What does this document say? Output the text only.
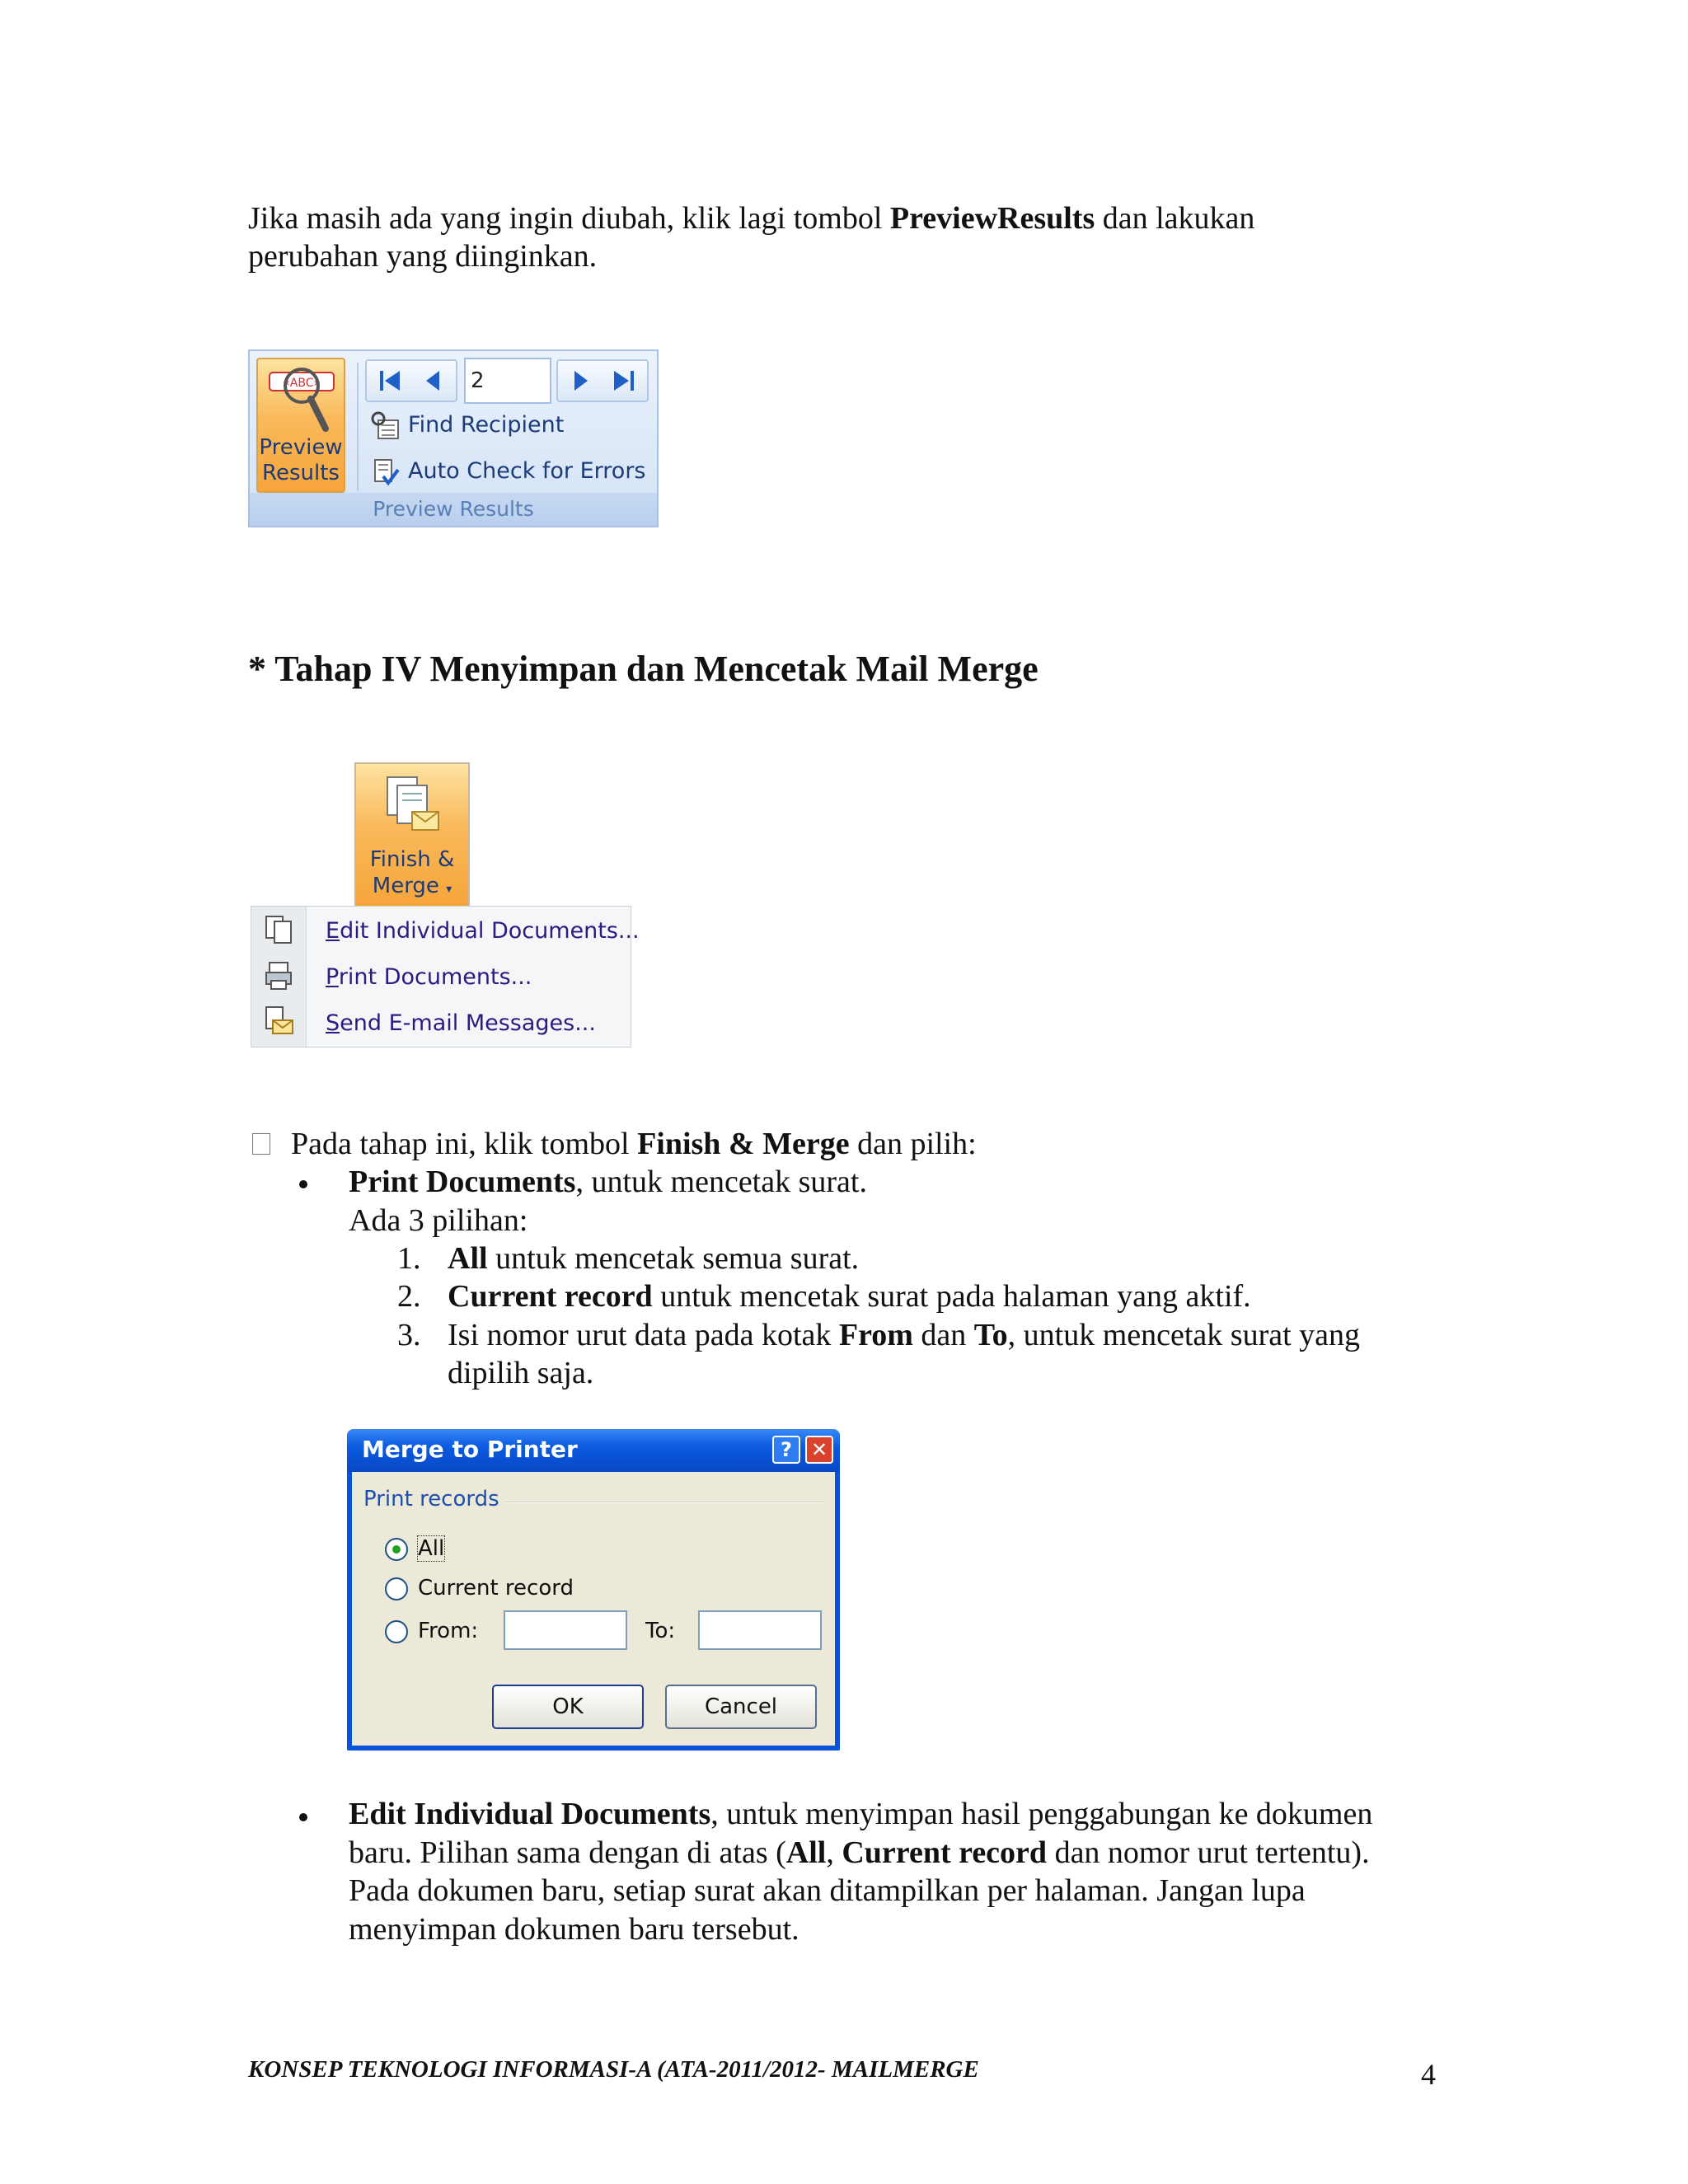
Jika masih ada yang ingin diubah, klik lagi tombol PreviewResults dan lakukan
perubahan yang diinginkan.
«ABC»
Preview
Results
2
Find Recipient
Auto Check for Errors
Preview Results
* Tahap IV Menyimpan dan Mencetak Mail Merge
Finish &
Merge ▾
Edit Individual Documents...
Print Documents...
Send E-mail Messages...
Pada tahap ini, klik tombol Finish & Merge dan pilih:
Print Documents, untuk mencetak surat.
Ada 3 pilihan:
1. All untuk mencetak semua surat.
2. Current record untuk mencetak surat pada halaman yang aktif.
3. Isi nomor urut data pada kotak From dan To, untuk mencetak surat yang
dipilih saja.
Merge to Printer	? ✕
Print records
All
Current record
From:	To:
OK	Cancel
Edit Individual Documents, untuk menyimpan hasil penggabungan ke dokumen
baru. Pilihan sama dengan di atas (All, Current record dan nomor urut tertentu).
Pada dokumen baru, setiap surat akan ditampilkan per halaman. Jangan lupa
menyimpan dokumen baru tersebut.
KONSEP TEKNOLOGI INFORMASI-A (ATA-2011/2012- MAILMERGE	4
